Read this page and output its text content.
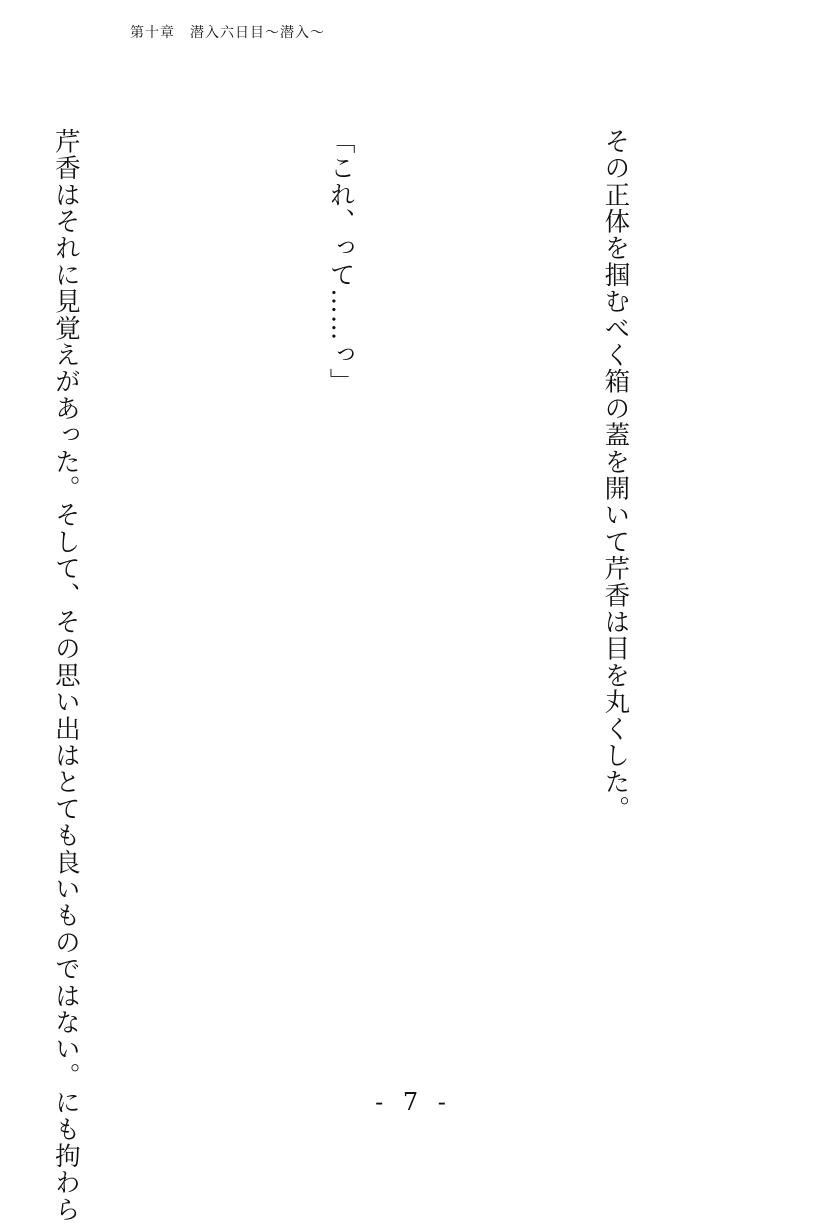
第十章　潜入六日目〜潜入〜

その正体を掴むべく箱の蓋を開いて芹香は目を丸くした。

「これ、って……っ」

芹香はそれに見覚えがあった。そして、その思い出はとても良いものではない。にも拘わら

	- 7 -
